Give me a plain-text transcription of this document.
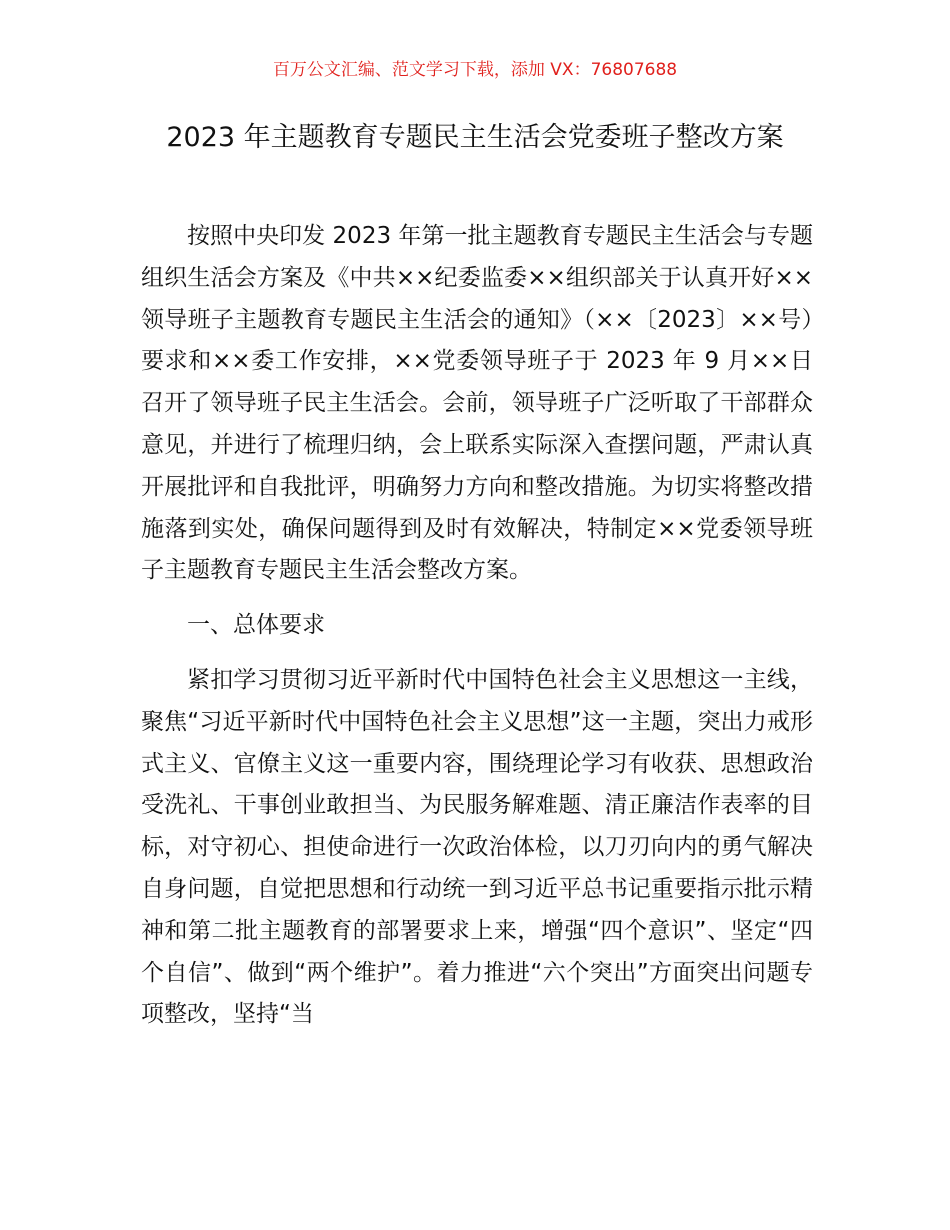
百万公文汇编、范文学习下载，添加 VX：76807688
2023 年主题教育专题民主生活会党委班子整改方案

按照中央印发 2023 年第一批主题教育专题民主生活会与专题组织生活会方案及《中共××纪委监委××组织部关于认真开好××领导班子主题教育专题民主生活会的通知》（××〔2023〕××号）要求和××委工作安排，××党委领导班子于 2023 年 9 月××日召开了领导班子民主生活会。会前，领导班子广泛听取了干部群众意见，并进行了梳理归纳，会上联系实际深入查摆问题，严肃认真开展批评和自我批评，明确努力方向和整改措施。为切实将整改措施落到实处，确保问题得到及时有效解决，特制定××党委领导班子主题教育专题民主生活会整改方案。

一、总体要求

紧扣学习贯彻习近平新时代中国特色社会主义思想这一主线，聚焦“习近平新时代中国特色社会主义思想”这一主题，突出力戒形式主义、官僚主义这一重要内容，围绕理论学习有收获、思想政治受洗礼、干事创业敢担当、为民服务解难题、清正廉洁作表率的目标，对守初心、担使命进行一次政治体检，以刀刃向内的勇气解决自身问题，自觉把思想和行动统一到习近平总书记重要指示批示精神和第二批主题教育的部署要求上来，增强“四个意识”、坚定“四个自信”、做到“两个维护”。着力推进“六个突出”方面突出问题专项整改，坚持“当
